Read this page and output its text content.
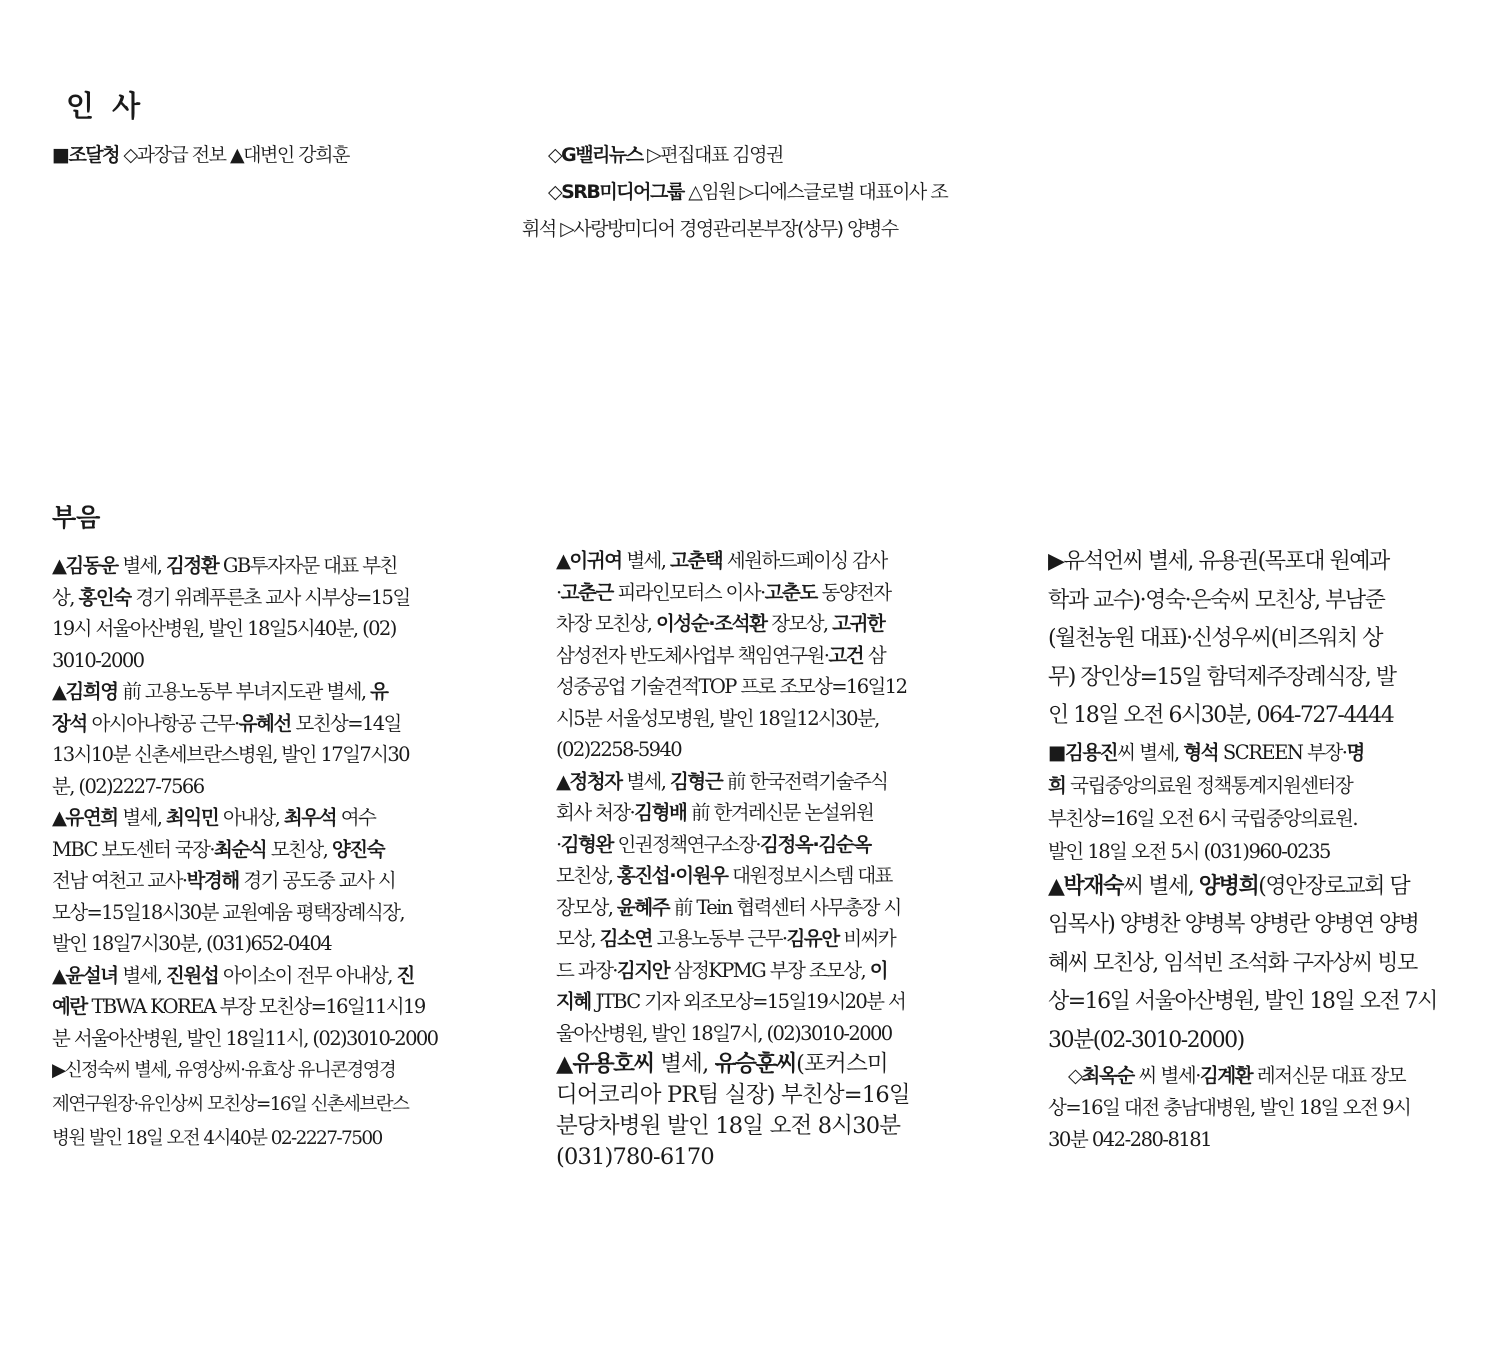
인 사
■조달청 ◇과장급 전보 ▲대변인 강희훈	◇G밸리뉴스 ▷편집대표 김영권
◇SRB미디어그룹 △임원 ▷디에스글로벌 대표이사 조
휘석 ▷사랑방미디어 경영관리본부장(상무) 양병수
부음

▲김동운 별세, 김정환 GB투자자문 대표 부친
상, 홍인숙 경기 위례푸른초 교사 시부상=15일
19시 서울아산병원, 발인 18일5시40분, (02)
3010-2000

▲김희영 前 고용노동부 부녀지도관 별세, 유
장석 아시아나항공 근무·유혜선 모친상=14일
13시10분 신촌세브란스병원, 발인 17일7시30
분, (02)2227-7566

▲유연희 별세, 최익민 아내상, 최우석 여수
MBC 보도센터 국장·최순식 모친상, 양진숙
전남 여천고 교사·박경해 경기 공도중 교사 시
모상=15일18시30분 교원예움 평택장례식장,
발인 18일7시30분, (031)652-0404

▲윤설녀 별세, 진원섭 아이소이 전무 아내상, 진
예란 TBWA KOREA 부장 모친상=16일11시19
분 서울아산병원, 발인 18일11시, (02)3010-2000

▶신정숙씨 별세, 유영상씨·유효상 유니콘경영경
제연구원장·유인상씨 모친상=16일 신촌세브란스
병원 발인 18일 오전 4시40분 02-2227-7500

▲이귀여 별세, 고춘택 세원하드페이싱 감사
·고춘근 피라인모터스 이사·고춘도 동양전자
차장 모친상, 이성순·조석환 장모상, 고귀한
삼성전자 반도체사업부 책임연구원·고건 삼
성중공업 기술견적TOP 프로 조모상=16일12
시5분 서울성모병원, 발인 18일12시30분,
(02)2258-5940

▲정청자 별세, 김형근 前 한국전력기술주식
회사 처장·김형배 前 한겨레신문 논설위원
·김형완 인권정책연구소장·김정옥·김순옥
모친상, 홍진섭·이원우 대원정보시스템 대표
장모상, 윤혜주 前 Tein 협력센터 사무총장 시
모상, 김소연 고용노동부 근무·김유안 비씨카
드 과장·김지안 삼정KPMG 부장 조모상, 이
지혜 JTBC 기자 외조모상=15일19시20분 서
울아산병원, 발인 18일7시, (02)3010-2000

▲유용호씨 별세, 유승훈씨(포커스미
디어코리아 PR팀 실장) 부친상=16일
분당차병원 발인 18일 오전 8시30분
(031)780-6170

▶유석언씨 별세, 유용권(목포대 원예과
학과 교수)·영숙·은숙씨 모친상, 부남준
(월천농원 대표)·신성우씨(비즈워치 상
무) 장인상=15일 함덕제주장례식장, 발
인 18일 오전 6시30분, 064-727-4444

■김용진씨 별세, 형석 SCREEN 부장·명
희 국립중앙의료원 정책통계지원센터장
부친상=16일 오전 6시 국립중앙의료원.
발인 18일 오전 5시 (031)960-0235

▲박재숙씨 별세, 양병희(영안장로교회 담
임목사) 양병찬 양병복 양병란 양병연 양병
혜씨 모친상, 임석빈 조석화 구자상씨 빙모
상=16일 서울아산병원, 발인 18일 오전 7시
30분(02-3010-2000)

◇최옥순 씨 별세·김계환 레저신문 대표 장모
상=16일 대전 충남대병원, 발인 18일 오전 9시
30분 042-280-8181
